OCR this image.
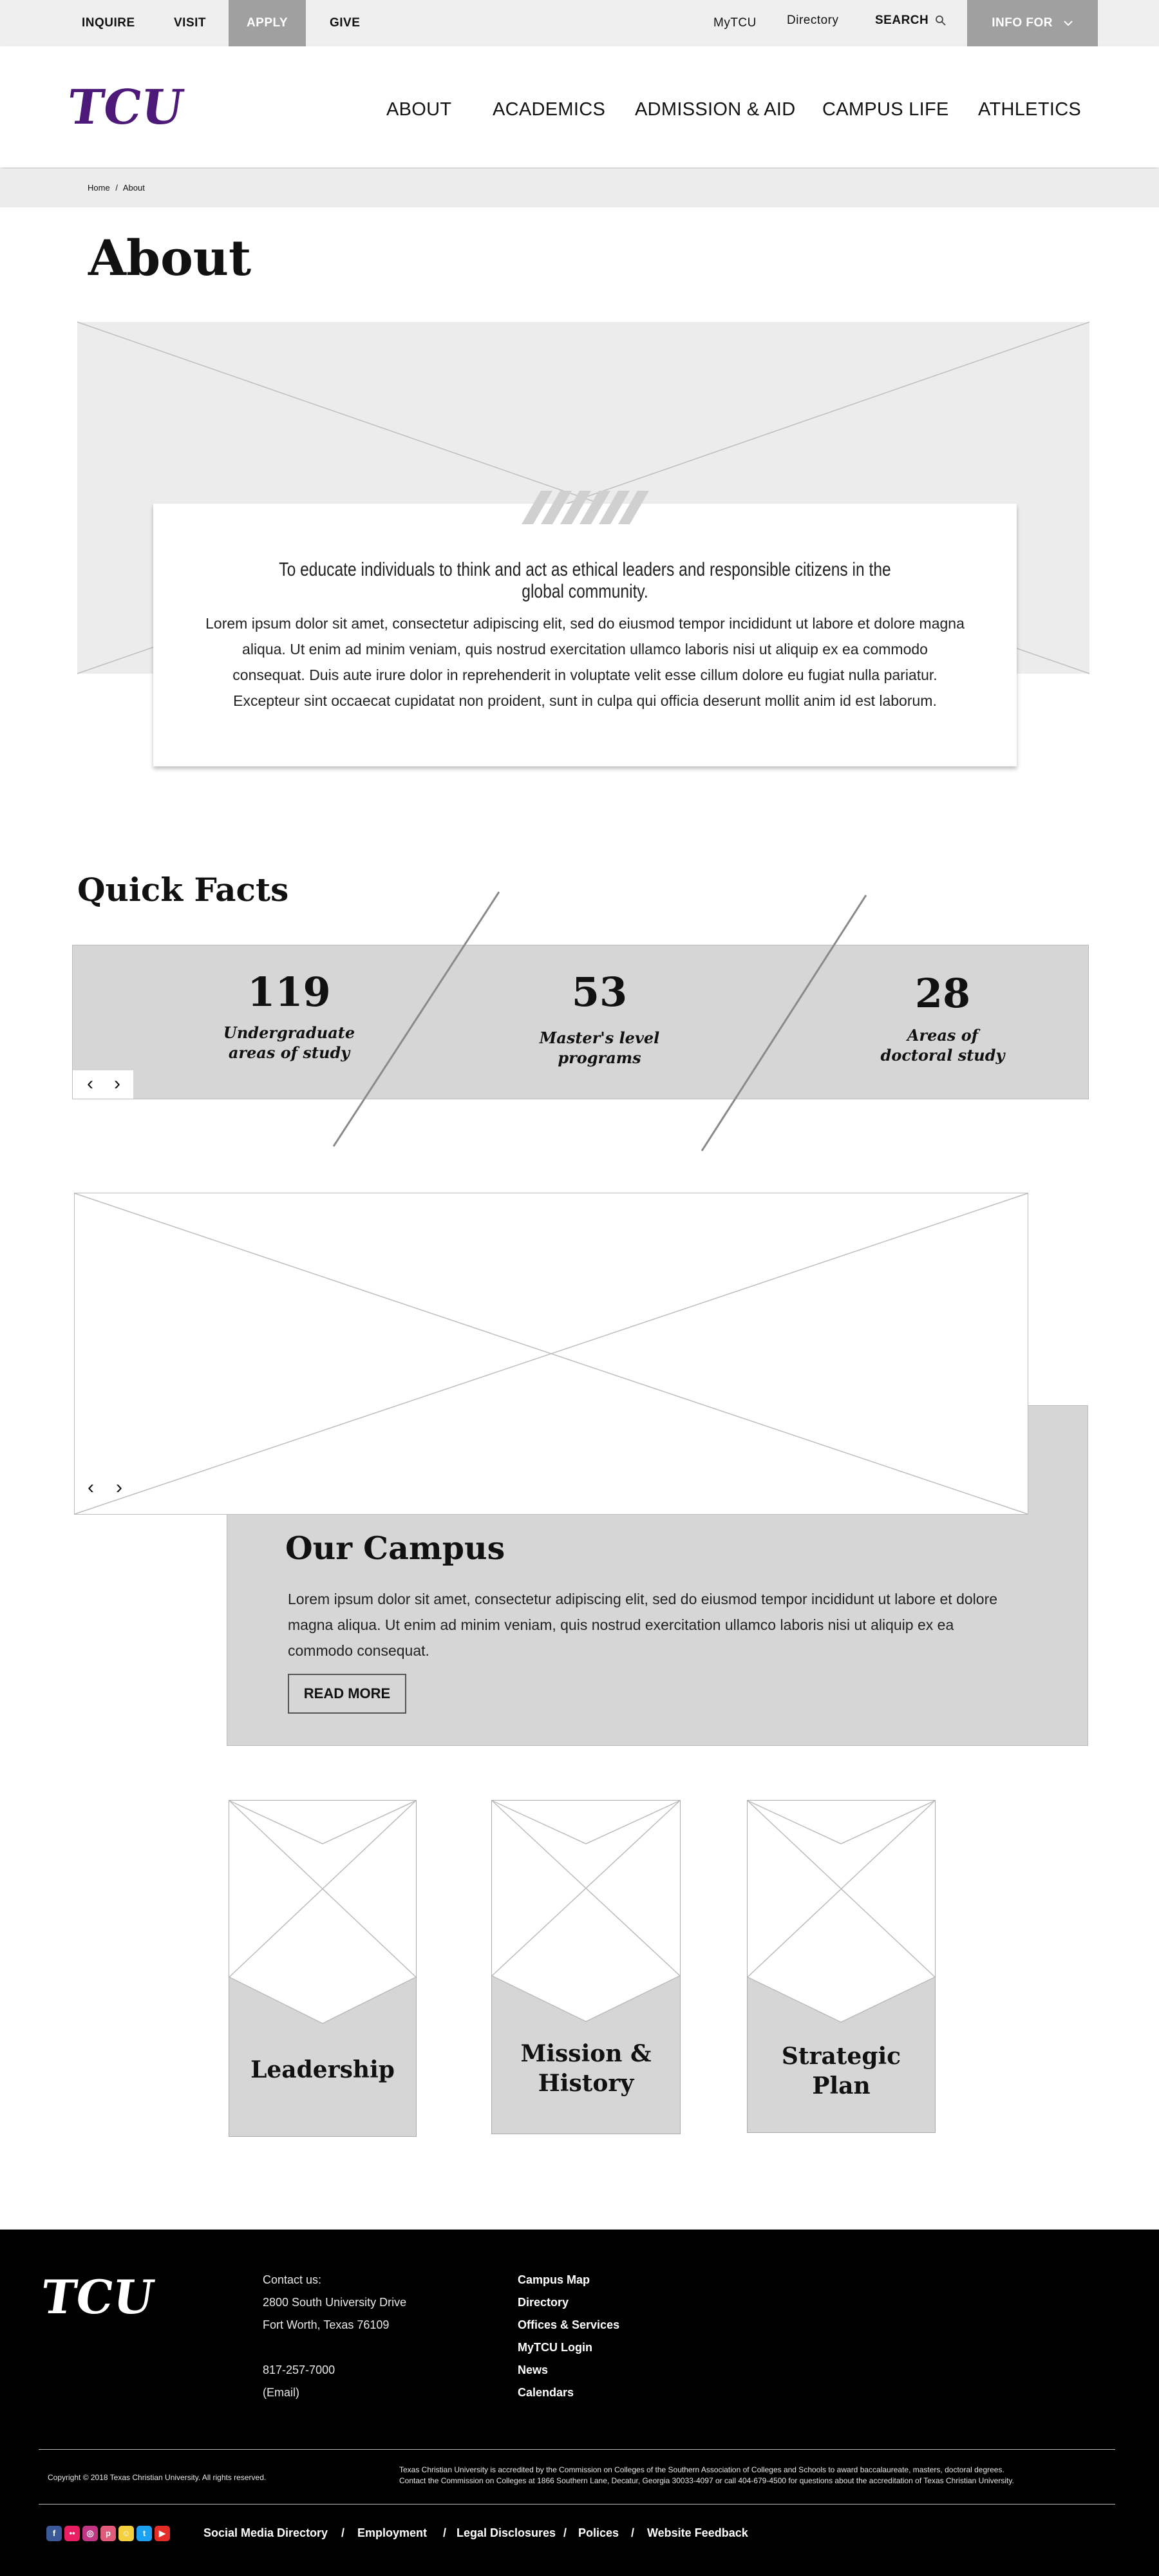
INQUIRE	VISIT	APPLY	GIVE	MyTCU Directory	SEARCH	INFO FOR
TCU	ABOUT ACADEMICS ADMISSION & AID CAMPUS LIFE ATHLETICS
Home / About
About
To educate individuals to think and act as ethical leaders and responsible citizens in the global community.
Lorem ipsum dolor sit amet, consectetur adipiscing elit, sed do eiusmod tempor incididunt ut labore et dolore magna aliqua. Ut enim ad minim veniam, quis nostrud exercitation ullamco laboris nisi ut aliquip ex ea commodo consequat. Duis aute irure dolor in reprehenderit in voluptate velit esse cillum dolore eu fugiat nulla pariatur. Excepteur sint occaecat cupidatat non proident, sunt in culpa qui officia deserunt mollit anim id est laborum.
Quick Facts
119
Undergraduate
areas of study
53
Master's level
programs
28
Areas of
doctoral study
‹	›
Our Campus
Lorem ipsum dolor sit amet, consectetur adipiscing elit, sed do eiusmod tempor incididunt ut labore et dolore magna aliqua. Ut enim ad minim veniam, quis nostrud exercitation ullamco laboris nisi ut aliquip ex ea commodo consequat.
READ MORE
‹	›
Leadership
Mission &
History
Strategic
Plan
TCU	Contact us:
2800 South University Drive
Fort Worth, Texas 76109
817-257-7000
(Email)
Campus Map
Directory
Offices & Services
MyTCU Login
News
Calendars
Copyright © 2018 Texas Christian University. All rights reserved.
Texas Christian University is accredited by the Commission on Colleges of the Southern Association of Colleges and Schools to award baccalaureate, masters, doctoral degrees.
Contact the Commission on Colleges at 1866 Southern Lane, Decatur, Georgia 30033-4097 or call 404-679-4500 for questions about the accreditation of Texas Christian University.
f	••	◎	p	☺	t	▶	Social Media Directory / Employment / Legal Disclosures / Polices / Website Feedback
